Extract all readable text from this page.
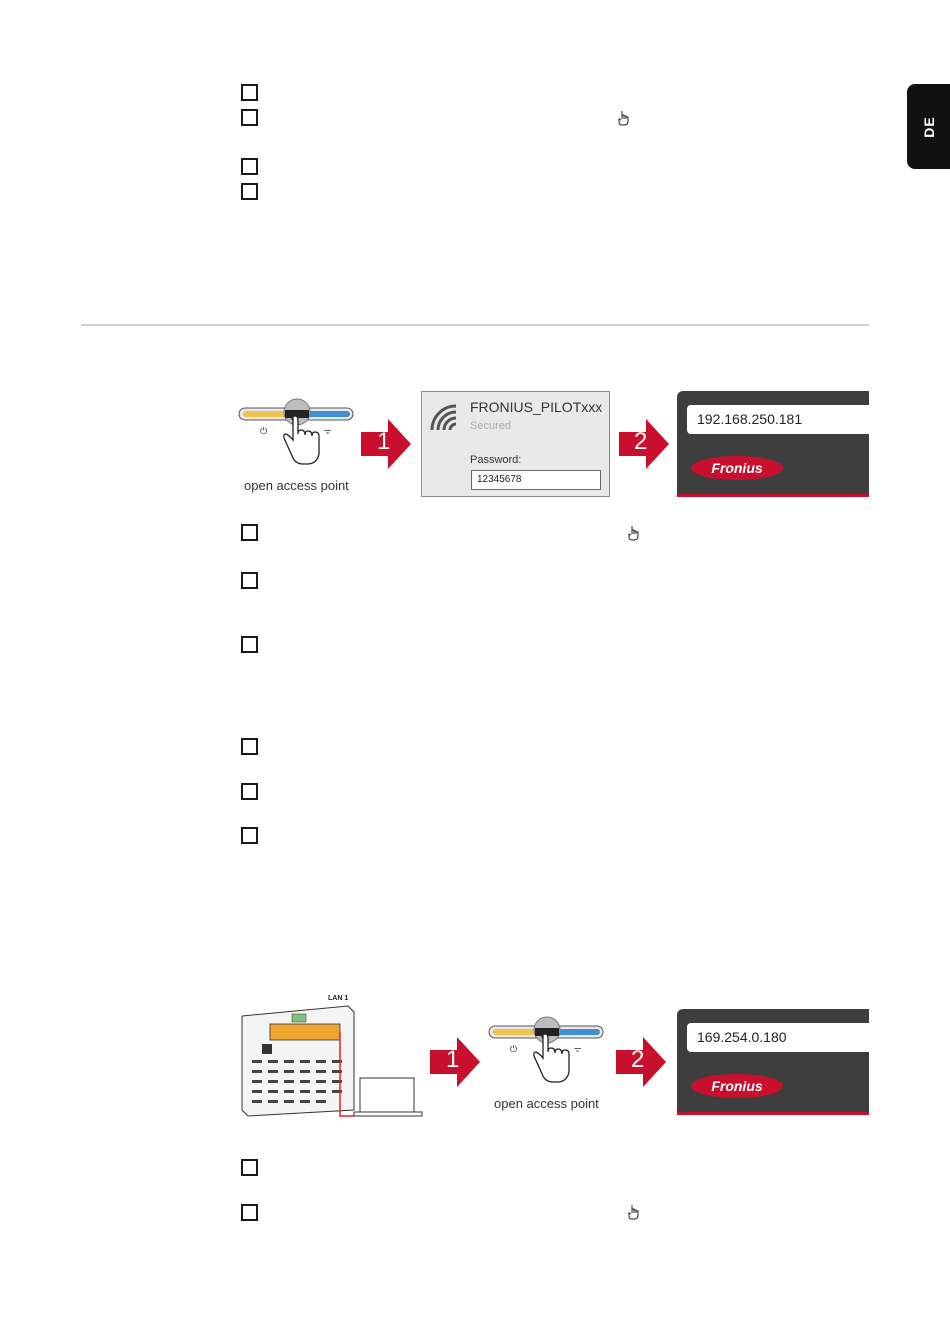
DE
⏻	ᯤ
open access point
1
FRONIUS_PILOTxxx
Secured
Password:
12345678
2
192.168.250.181
Fronius
LAN 1
1	⏻	ᯤ
open access point
2
169.254.0.180
Fronius
